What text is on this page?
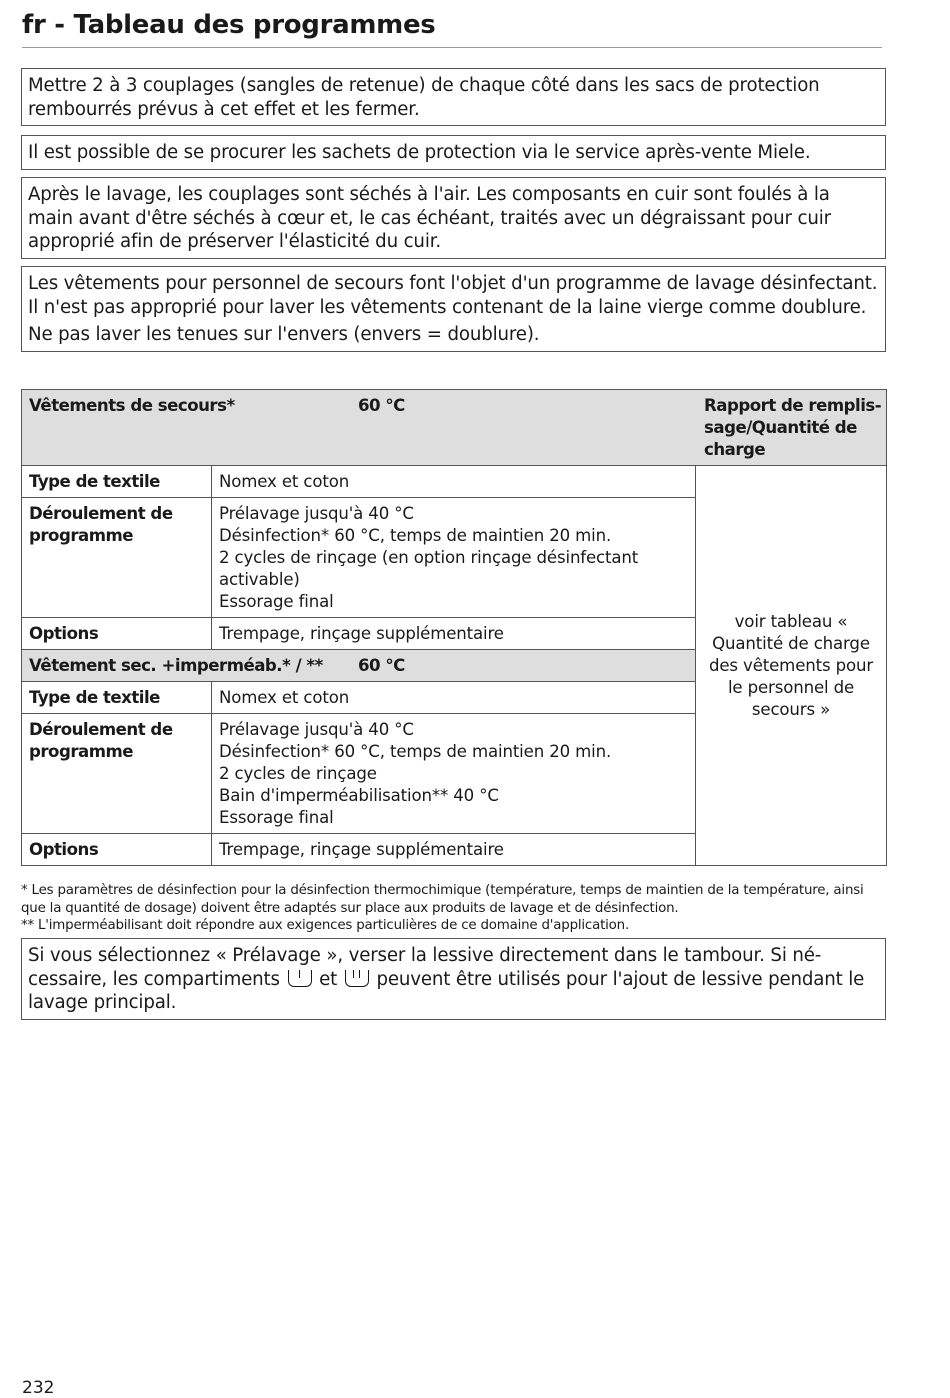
fr - Tableau des programmes

Mettre 2 à 3 couplages (sangles de retenue) de chaque côté dans les sacs de protection rembourrés prévus à cet effet et les fermer.

Il est possible de se procurer les sachets de protection via le service après-vente Miele.

Après le lavage, les couplages sont séchés à l'air. Les composants en cuir sont foulés à la main avant d'être séchés à cœur et, le cas échéant, traités avec un dégraissant pour cuir approprié afin de préserver l'élasticité du cuir.

Les vêtements pour personnel de secours font l'objet d'un programme de lavage désinfectant. Il n'est pas approprié pour laver les vêtements contenant de la laine vierge comme doublure.

Ne pas laver les tenues sur l'envers (envers = doublure).

Vêtements de secours* 60 °C Rapport de remplissage/Quantité de charge		

Type de textile	Nomex et coton	voir tableau « Quantité de charge des vêtements pour le personnel de secours »
Déroulement de programme	Prélavage jusqu'à 40 °C
Désinfection* 60 °C, temps de maintien 20 min.
2 cycles de rinçage (en option rinçage désinfectant activable)
Essorage final	

Options	Trempage, rinçage supplémentaire	

Vêtement sec. +imperméab.* / ** 60 °C		

Type de textile	Nomex et coton	
Déroulement de programme	Prélavage jusqu'à 40 °C
Désinfection* 60 °C, temps de maintien 20 min.
2 cycles de rinçage
Bain d'imperméabilisation** 40 °C
Essorage final	

Options	Trempage, rinçage supplémentaire	
* Les paramètres de désinfection pour la désinfection thermochimique (température, temps de maintien de la température, ainsi que la quantité de dosage) doivent être adaptés sur place aux produits de lavage et de désinfection.
** L'imperméabilisant doit répondre aux exigences particulières de ce domaine d'application.

Si vous sélectionnez « Prélavage », verser la lessive directement dans le tambour. Si nécessaire, les compartiments et peuvent être utilisés pour l'ajout de lessive pendant le lavage principal.

232
